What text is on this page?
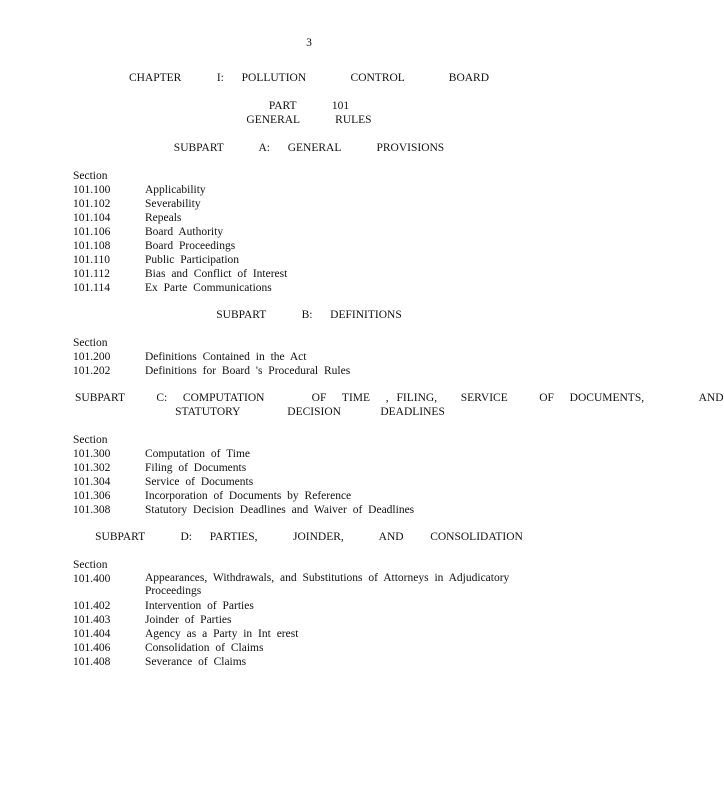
3
CHAPTER    I:  POLLUTION     CONTROL     BOARD
PART    101
GENERAL    RULES
SUBPART    A:  GENERAL    PROVISIONS
Section
101.100	Applicability
101.102	Severability
101.104	Repeals
101.106	Board Authority
101.108	Board Proceedings
101.110	Public Participation
101.112	Bias and Conflict of Interest
101.114	Ex Parte Communications
SUBPART    B:  DEFINITIONS
Section
101.200	Definitions Contained in the Act
101.202	Definitions for Board 's Procedural Rules
SUBPART    C:  COMPUTATION      OF  TIME  , FILING,   SERVICE    OF  DOCUMENTS,       AND
STATUTORY      DECISION     DEADLINES
Section
101.300	Computation of Time
101.302	Filing of Documents
101.304	Service of Documents
101.306	Incorporation of Documents by Reference
101.308	Statutory Decision Deadlines and Waiver of Deadlines
SUBPART    D:  PARTIES,    JOINDER,    AND   CONSOLIDATION
Section
101.400	Appearances, Withdrawals, and Substitutions of Attorneys in Adjudicatory Proceedings
101.402	Intervention of Parties
101.403	Joinder of Parties
101.404	Agency as a Party in Int erest
101.406	Consolidation of Claims
101.408	Severance of Claims
